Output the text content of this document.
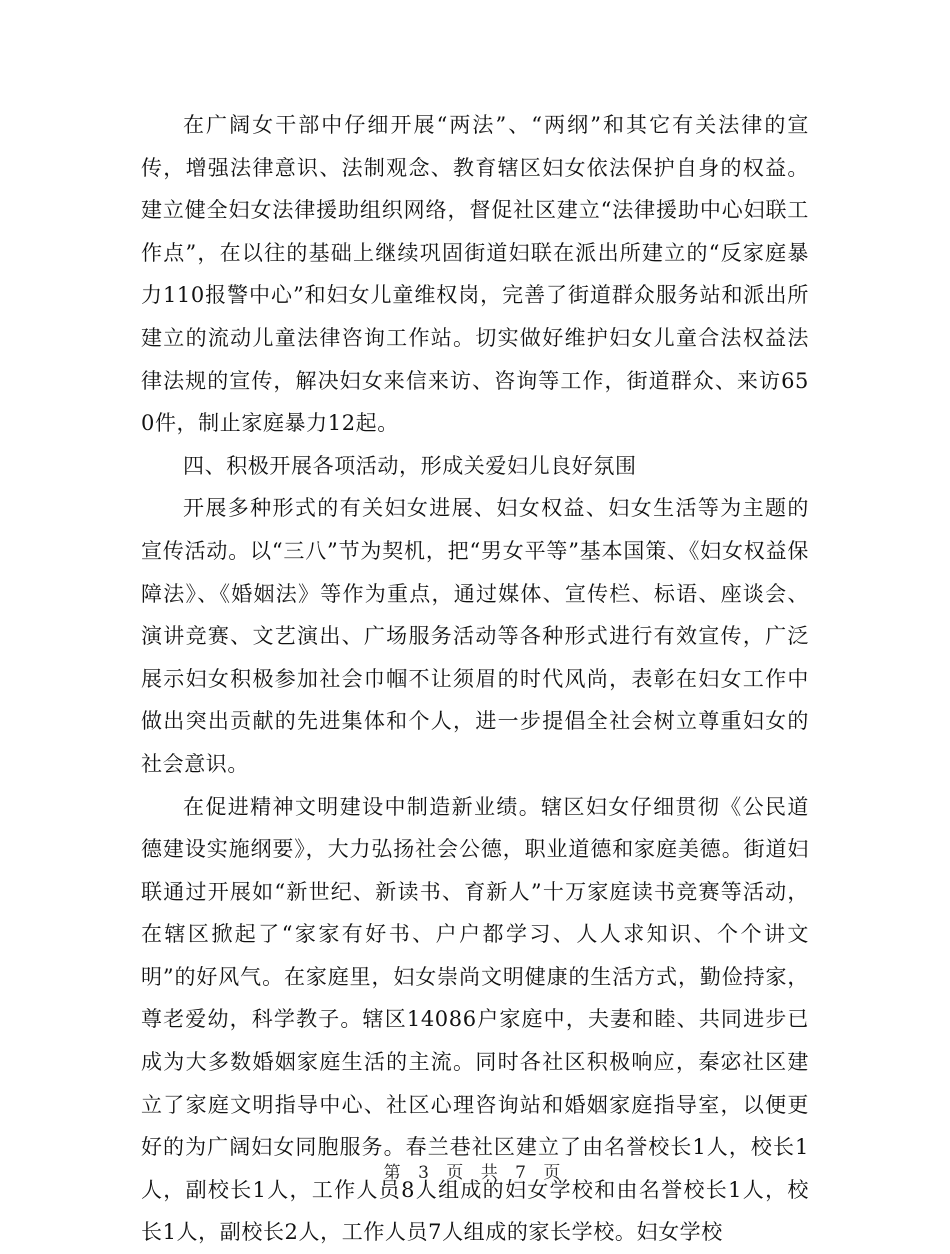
在广阔女干部中仔细开展“两法”、“两纲”和其它有关法律的宣传，增强法律意识、法制观念、教育辖区妇女依法保护自身的权益。建立健全妇女法律援助组织网络，督促社区建立“法律援助中心妇联工作点”，在以往的基础上继续巩固街道妇联在派出所建立的“反家庭暴力110报警中心”和妇女儿童维权岗，完善了街道群众服务站和派出所建立的流动儿童法律咨询工作站。切实做好维护妇女儿童合法权益法律法规的宣传，解决妇女来信来访、咨询等工作，街道群众、来访650件，制止家庭暴力12起。

四、积极开展各项活动，形成关爱妇儿良好氛围

开展多种形式的有关妇女进展、妇女权益、妇女生活等为主题的宣传活动。以“三八”节为契机，把“男女平等”基本国策、《妇女权益保障法》、《婚姻法》等作为重点，通过媒体、宣传栏、标语、座谈会、演讲竞赛、文艺演出、广场服务活动等各种形式进行有效宣传，广泛展示妇女积极参加社会巾帼不让须眉的时代风尚，表彰在妇女工作中做出突出贡献的先进集体和个人，进一步提倡全社会树立尊重妇女的社会意识。

在促进精神文明建设中制造新业绩。辖区妇女仔细贯彻《公民道德建设实施纲要》，大力弘扬社会公德，职业道德和家庭美德。街道妇联通过开展如“新世纪、新读书、育新人”十万家庭读书竞赛等活动，在辖区掀起了“家家有好书、户户都学习、人人求知识、个个讲文明”的好风气。在家庭里，妇女崇尚文明健康的生活方式，勤俭持家，尊老爱幼，科学教子。辖区14086户家庭中，夫妻和睦、共同进步已成为大多数婚姻家庭生活的主流。同时各社区积极响应，秦宓社区建立了家庭文明指导中心、社区心理咨询站和婚姻家庭指导室，以便更好的为广阔妇女同胞服务。春兰巷社区建立了由名誉校长1人，校长1人，副校长1人，工作人员8人组成的妇女学校和由名誉校长1人，校长1人，副校长2人，工作人员7人组成的家长学校。妇女学校

第 3 页 共 7 页
